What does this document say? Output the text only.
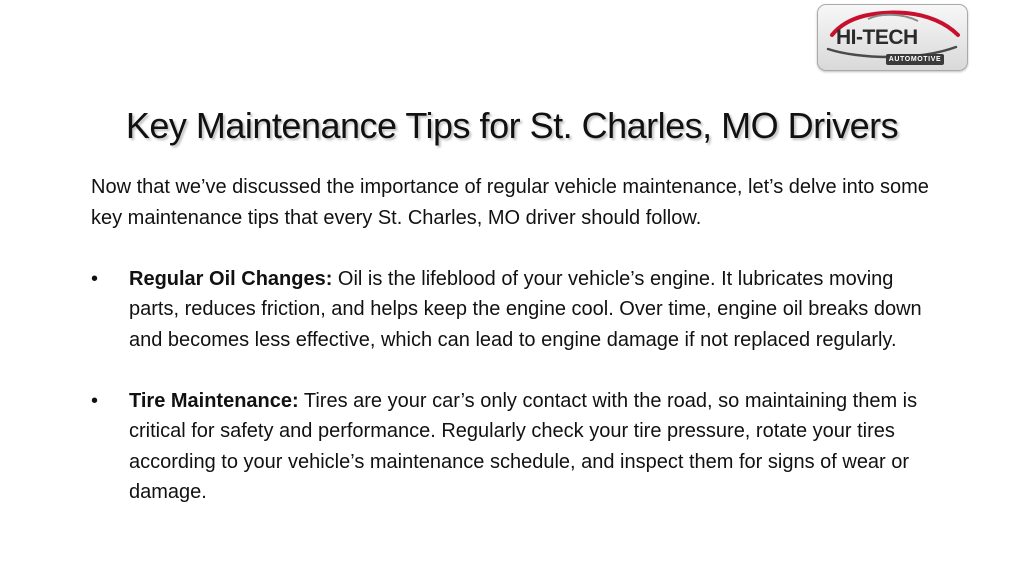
HI-TECH
AUTOMOTIVE
Key Maintenance Tips for St. Charles, MO Drivers

Now that we’ve discussed the importance of regular vehicle maintenance, let’s delve into some key maintenance tips that every St. Charles, MO driver should follow.

• Regular Oil Changes: Oil is the lifeblood of your vehicle’s engine. It lubricates moving parts, reduces friction, and helps keep the engine cool. Over time, engine oil breaks down and becomes less effective, which can lead to engine damage if not replaced regularly.
• Tire Maintenance: Tires are your car’s only contact with the road, so maintaining them is critical for safety and performance. Regularly check your tire pressure, rotate your tires according to your vehicle’s maintenance schedule, and inspect them for signs of wear or damage.
